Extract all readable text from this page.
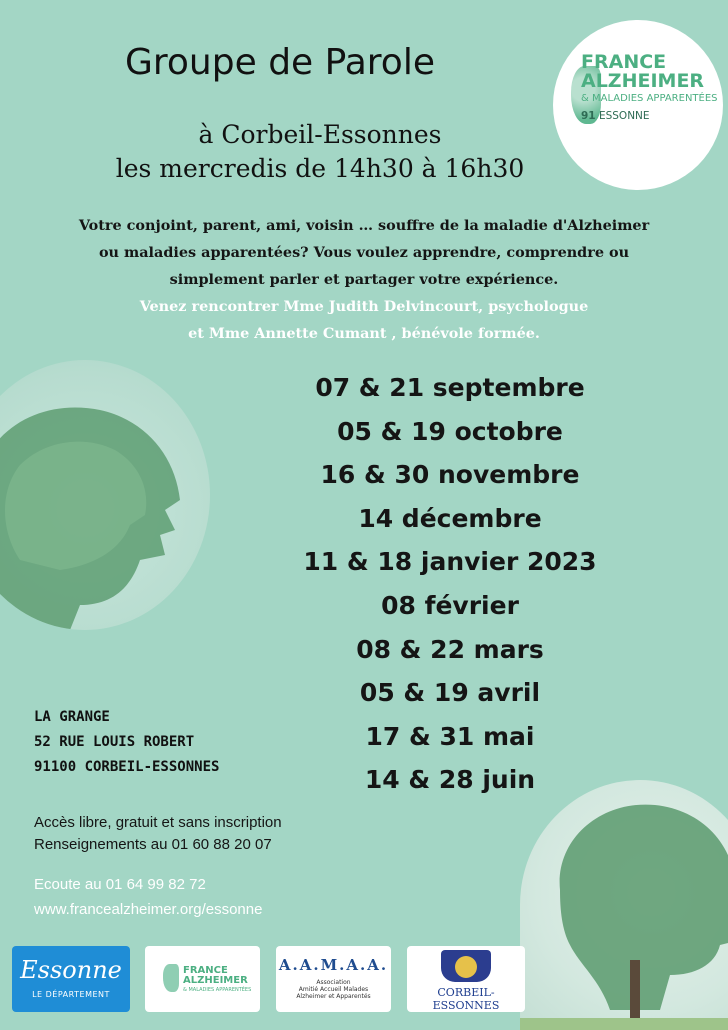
Groupe de Parole
à Corbeil-Essonnes
les mercredis de 14h30 à 16h30
FRANCE
ALZHEIMER
& MALADIES APPARENTÉES
91 ESSONNE
Votre conjoint, parent, ami, voisin … souffre de la maladie d'Alzheimer
ou maladies apparentées? Vous voulez apprendre, comprendre ou
simplement parler et partager votre expérience.
Venez rencontrer Mme Judith Delvincourt, psychologue
et Mme Annette Cumant , bénévole formée.
07 & 21 septembre
05 & 19 octobre
16 & 30 novembre
14 décembre
11 & 18 janvier 2023
08 février
08 & 22 mars
05 & 19 avril
17 & 31 mai
14 & 28 juin
LA GRANGE
52 RUE LOUIS ROBERT
91100 CORBEIL-ESSONNES
Accès libre, gratuit et sans inscription
Renseignements au 01 60 88 20 07
Ecoute au 01 64 99 82 72
www.francealzheimer.org/essonne
Essonne
LE DÉPARTEMENT
FRANCE
ALZHEIMER
& MALADIES APPARENTÉES
A.A.M.A.A.
Association
Amitié Accueil Malades
Alzheimer et Apparentés	CORBEIL-ESSONNES
